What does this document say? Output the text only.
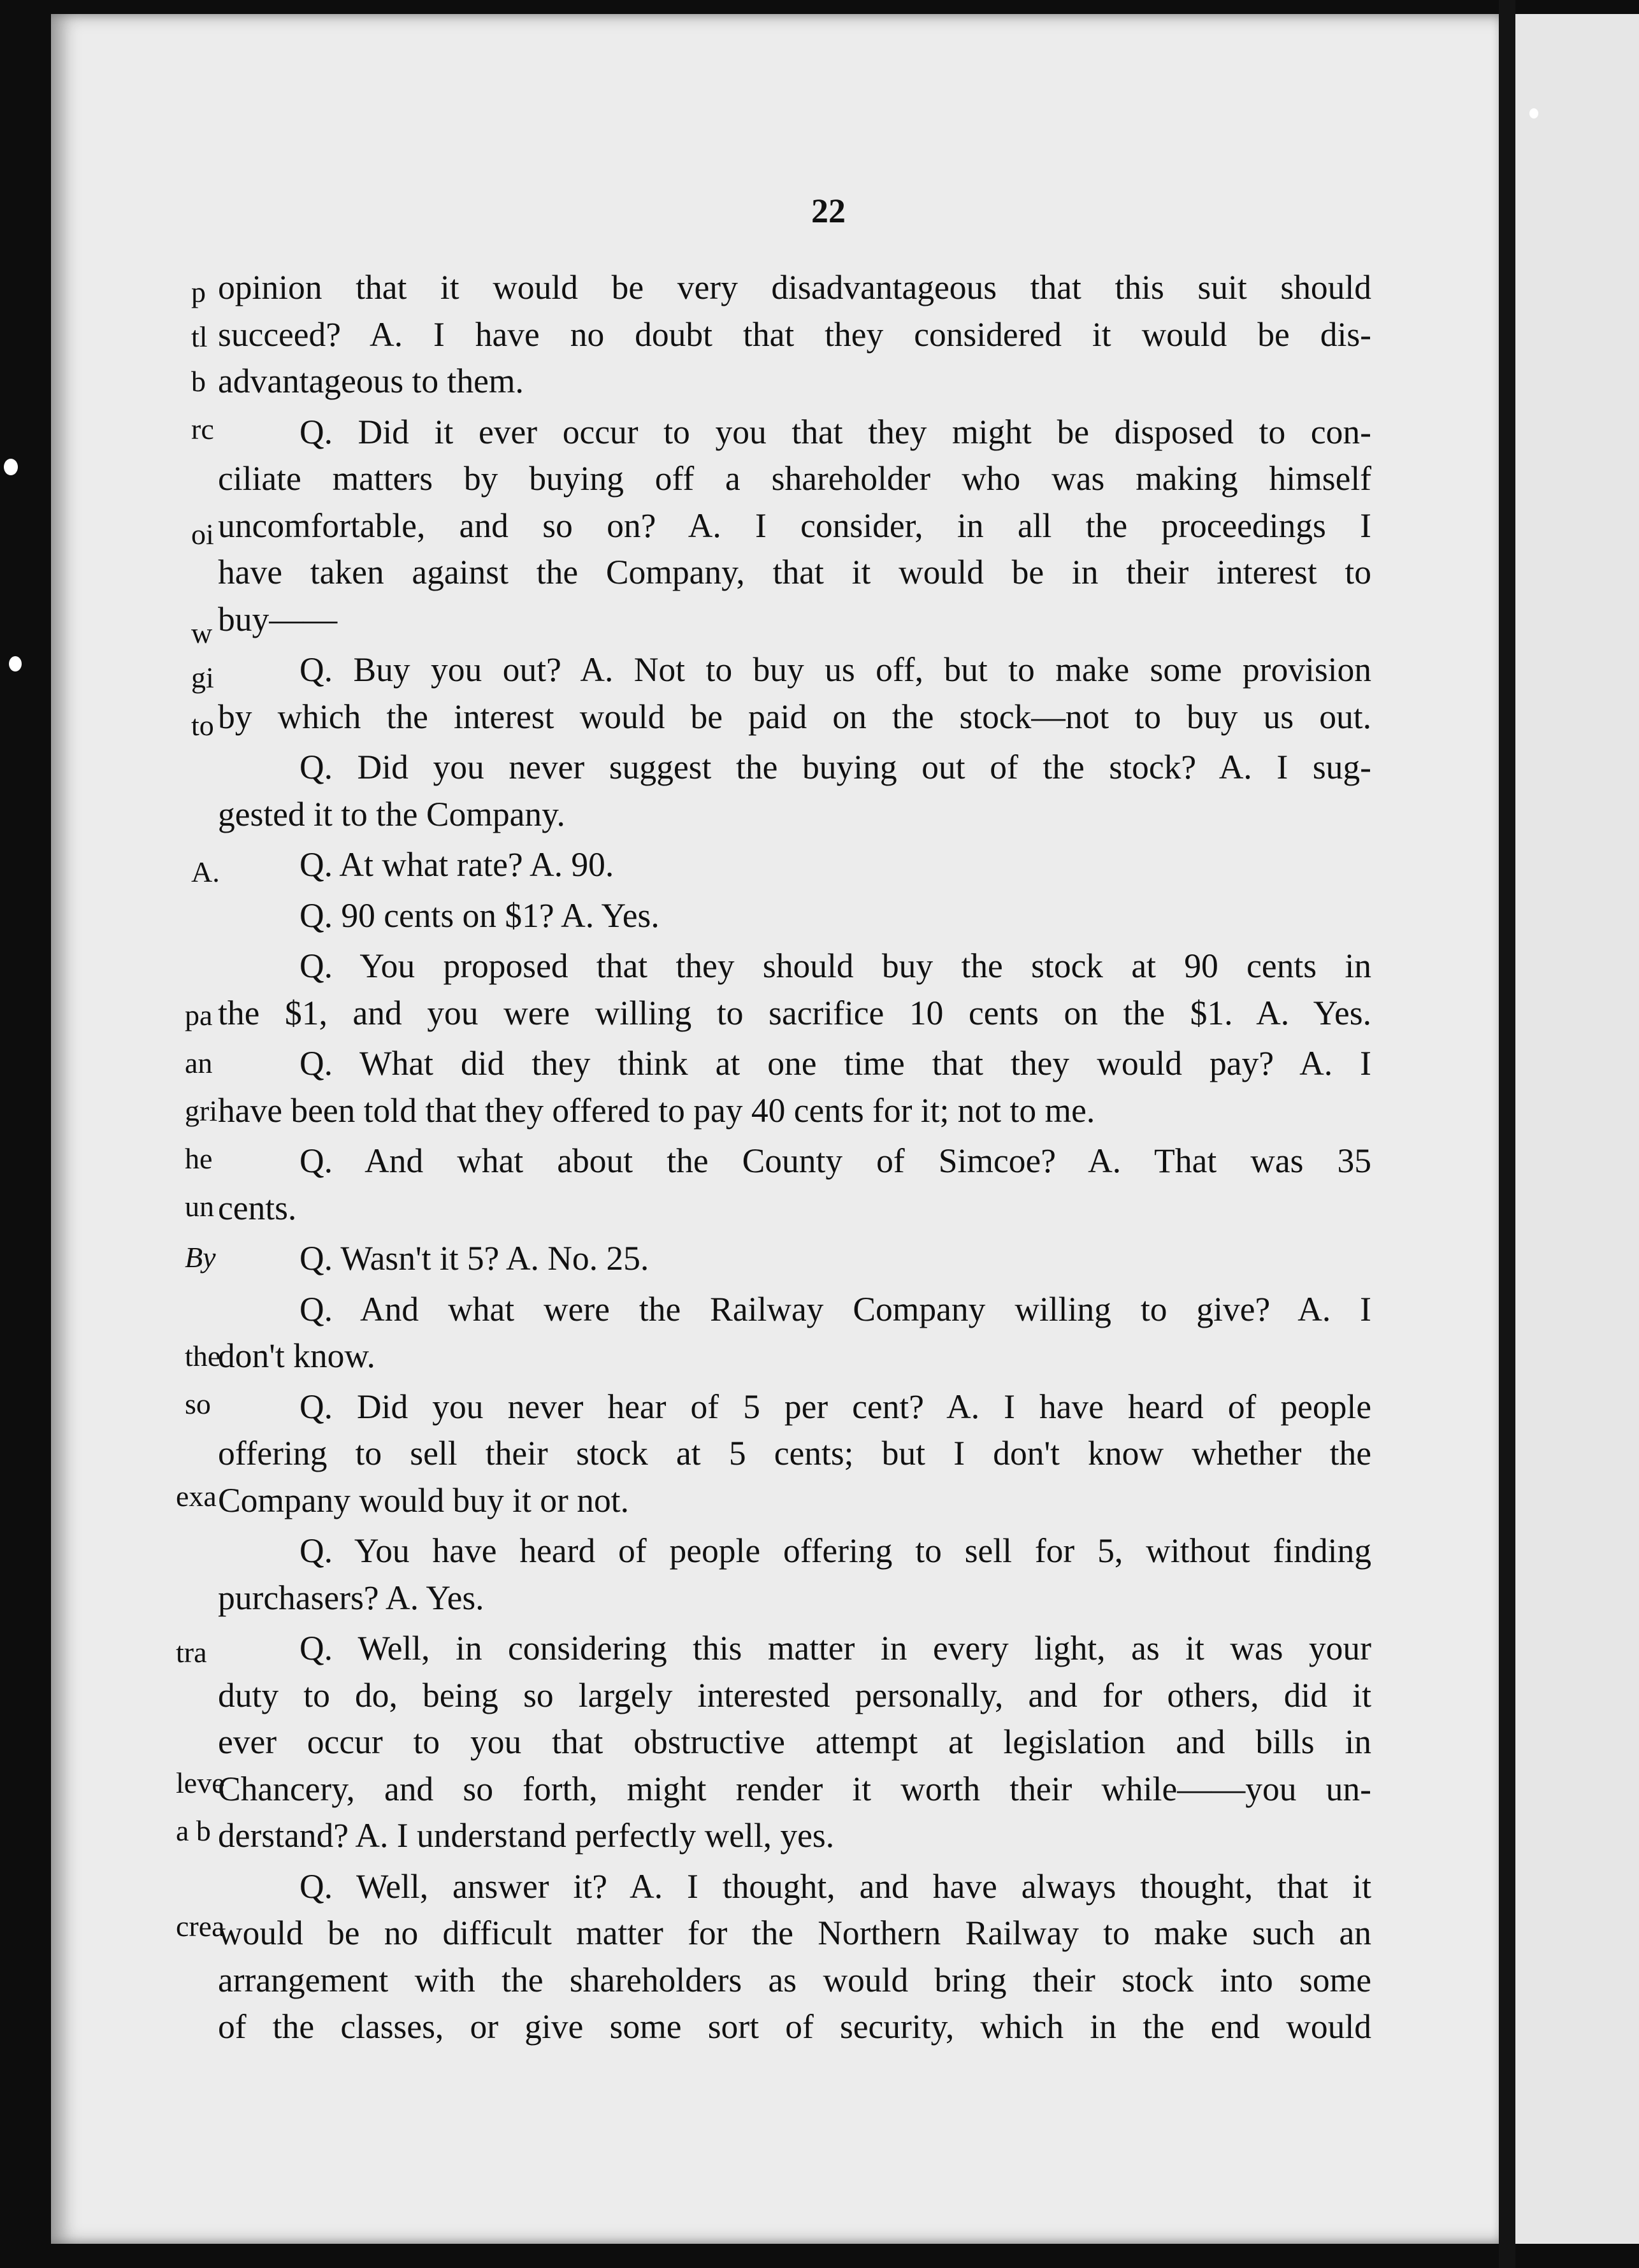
p
tl
b
rc
oi
w
gi
to
A.
pa
an
gri
he
un
By
the
so
exa
tra
leve
a b
crea
22
opinion that it would be very disadvantageous that this suit should
succeed? A. I have no doubt that they considered it would be dis-
advantageous to them.
Q. Did it ever occur to you that they might be disposed to con-
ciliate matters by buying off a shareholder who was making himself
uncomfortable, and so on? A. I consider, in all the proceedings I
have taken against the Company, that it would be in their interest to
buy——
Q. Buy you out? A. Not to buy us off, but to make some provision
by which the interest would be paid on the stock—not to buy us out.
Q. Did you never suggest the buying out of the stock? A. I sug-
gested it to the Company.
Q. At what rate? A. 90.
Q. 90 cents on $1? A. Yes.
Q. You proposed that they should buy the stock at 90 cents in
the $1, and you were willing to sacrifice 10 cents on the $1. A. Yes.
Q. What did they think at one time that they would pay? A. I
have been told that they offered to pay 40 cents for it; not to me.
Q. And what about the County of Simcoe? A. That was 35
cents.
Q. Wasn't it 5? A. No. 25.
Q. And what were the Railway Company willing to give? A. I
don't know.
Q. Did you never hear of 5 per cent? A. I have heard of people
offering to sell their stock at 5 cents; but I don't know whether the
Company would buy it or not.
Q. You have heard of people offering to sell for 5, without finding
purchasers? A. Yes.
Q. Well, in considering this matter in every light, as it was your
duty to do, being so largely interested personally, and for others, did it
ever occur to you that obstructive attempt at legislation and bills in
Chancery, and so forth, might render it worth their while——you un-
derstand? A. I understand perfectly well, yes.
Q. Well, answer it? A. I thought, and have always thought, that it
would be no difficult matter for the Northern Railway to make such an
arrangement with the shareholders as would bring their stock into some
of the classes, or give some sort of security, which in the end would
